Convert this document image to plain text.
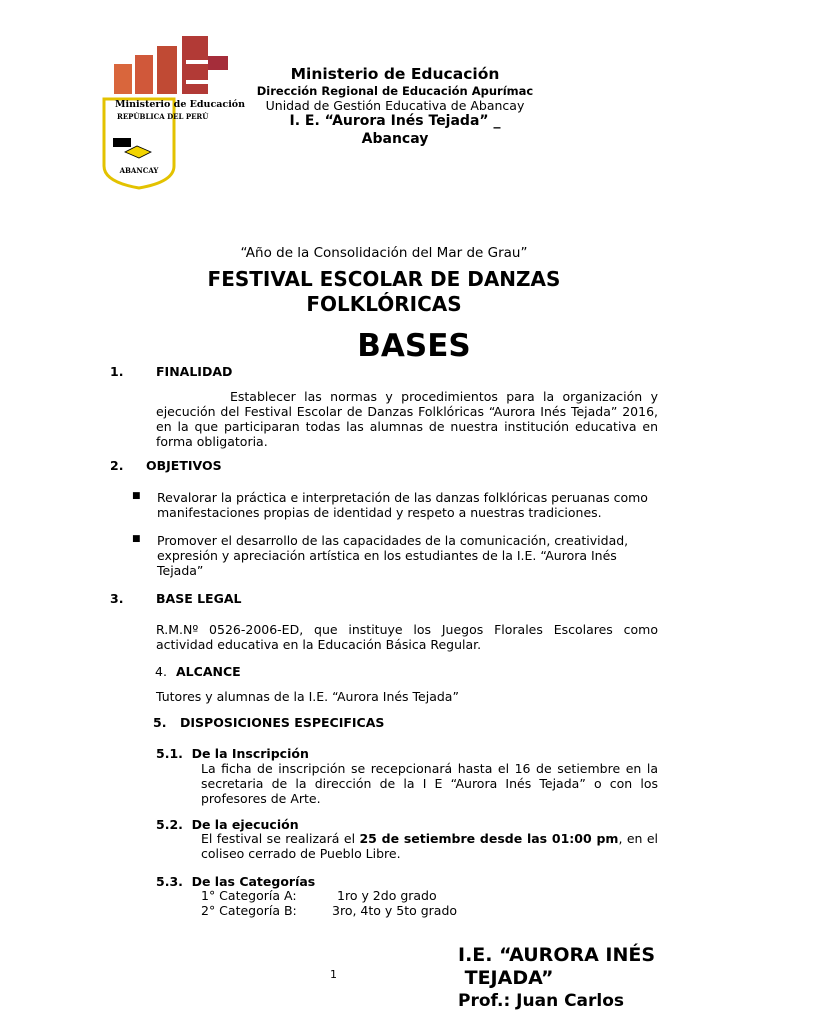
Ministerio de Educación
REPÚBLICA DEL PERÚ
ABANCAY
Ministerio de Educación
Dirección Regional de Educación Apurímac
Unidad de Gestión Educativa de Abancay
I. E. “Aurora Inés Tejada” _
Abancay
“Año de la Consolidación del Mar de Grau”
FESTIVAL ESCOLAR DE DANZAS FOLKLÓRICAS
BASES
1.	FINALIDAD
Establecer las normas y procedimientos para la organización y ejecución del Festival Escolar de Danzas Folklóricas “Aurora Inés Tejada” 2016, en la que participaran todas las alumnas de nuestra institución educativa en forma obligatoria.
2. OBJETIVOS
■ Revalorar la práctica e interpretación de las danzas folklóricas peruanas como manifestaciones propias de identidad y respeto a nuestras tradiciones.
■ Promover el desarrollo de las capacidades de la comunicación, creatividad, expresión y apreciación artística en los estudiantes de la I.E. “Aurora Inés Tejada”
3.	BASE LEGAL
R.M.Nº 0526-2006-ED, que instituye los Juegos Florales Escolares como actividad educativa en la Educación Básica Regular.
4. ALCANCE
Tutores y alumnas de la I.E. “Aurora Inés Tejada”
5. DISPOSICIONES ESPECIFICAS
5.1.  De la Inscripción
La ficha de inscripción se recepcionará hasta el 16 de setiembre en la secretaria de la dirección de la I E “Aurora Inés Tejada” o con los profesores de Arte.
5.2.  De la ejecución
El festival se realizará el 25 de setiembre desde las 01:00 pm, en el coliseo cerrado de Pueblo Libre.
5.3.  De las Categorías
1° Categoría A:	1ro y 2do grado
2° Categoría B:	3ro, 4to y 5to grado
1
I.E. “AURORA INÉS
TEJADA”
Prof.: Juan Carlos
